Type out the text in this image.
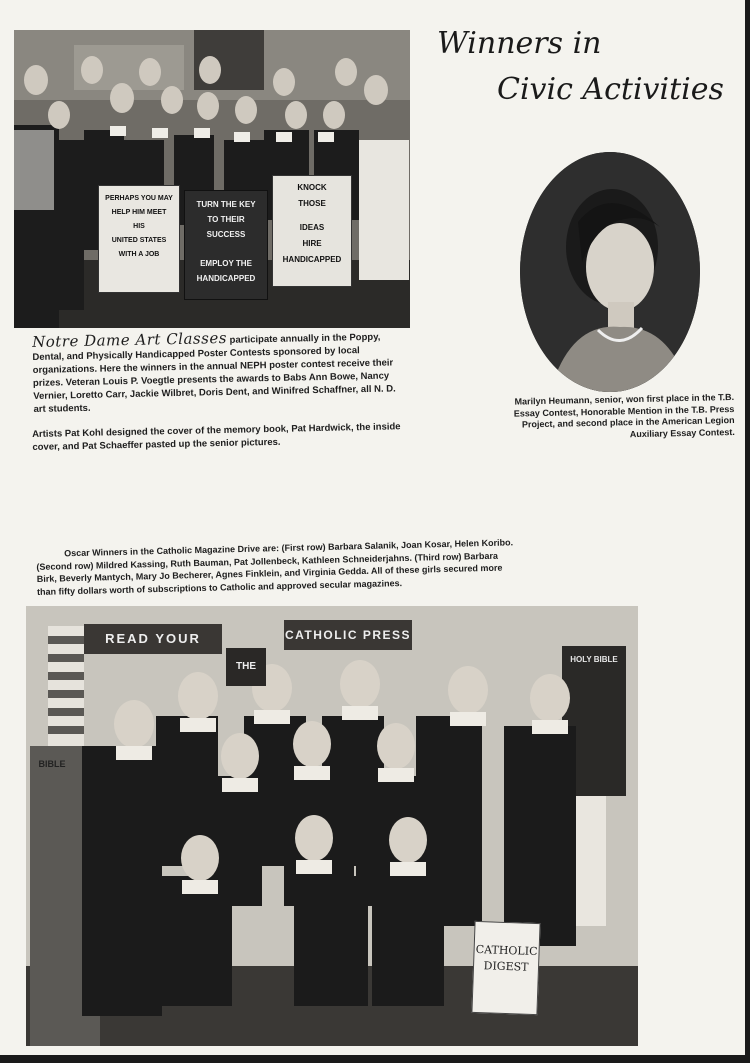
Winners in
Civic Activities
PERHAPS YOU MAY
HELP HIM MEET
HIS
UNITED STATES
WITH A JOB
TURN THE KEY
TO THEIR
SUCCESS
EMPLOY THE
HANDICAPPED
KNOCK
THOSE
IDEAS
HIRE
HANDICAPPED

Notre Dame Art Classes participate annually in the Poppy, Dental, and Physically Handicapped Poster Contests sponsored by local organizations. Here the winners in the annual NEPH poster contest receive their prizes. Veteran Louis P. Voegtle presents the awards to Babs Ann Bowe, Nancy Vernier, Loretto Carr, Jackie Wilbret, Doris Dent, and Winifred Schaffner, all N. D. art students.

Artists Pat Kohl designed the cover of the memory book, Pat Hardwick, the inside cover, and Pat Schaeffer pasted up the senior pictures.

Marilyn Heumann, senior, won first place in the T.B. Essay Contest, Honorable Mention in the T.B. Press Project, and second place in the American Legion Auxiliary Essay Contest.

Oscar Winners in the Catholic Magazine Drive are: (First row) Barbara Salanik, Joan Kosar, Helen Koribo. (Second row) Mildred Kassing, Ruth Bauman, Pat Jollenbeck, Kathleen Schneiderjahns. (Third row) Barbara Birk, Beverly Mantych, Mary Jo Becherer, Agnes Finklein, and Virginia Gedda. All of these girls secured more than fifty dollars worth of subscriptions to Catholic and approved secular magazines.

READ YOUR
THE
CATHOLIC PRESS
HOLY BIBLE
BIBLE
CATHOLIC
DIGEST
